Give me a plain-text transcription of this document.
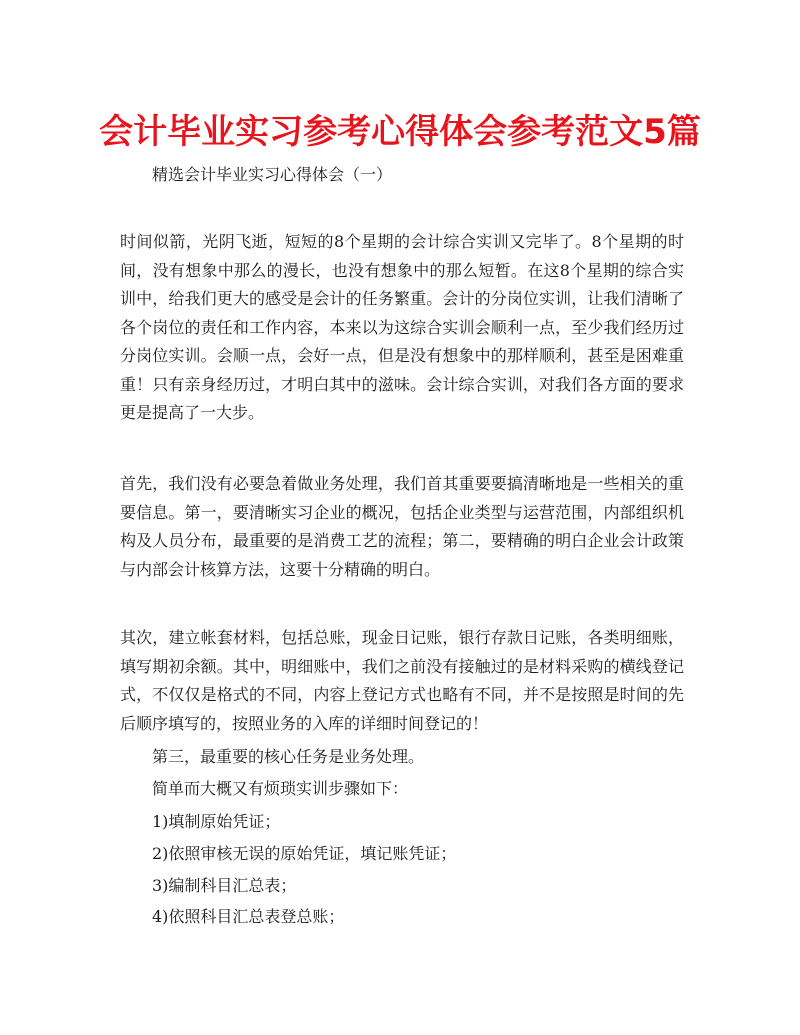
会计毕业实习参考心得体会参考范文5篇
精选会计毕业实习心得体会（一）

时间似箭，光阴飞逝，短短的8个星期的会计综合实训又完毕了。8个星期的时间，没有想象中那么的漫长，也没有想象中的那么短暂。在这8个星期的综合实训中，给我们更大的感受是会计的任务繁重。会计的分岗位实训，让我们清晰了各个岗位的责任和工作内容，本来以为这综合实训会顺利一点，至少我们经历过分岗位实训。会顺一点，会好一点，但是没有想象中的那样顺利，甚至是困难重重！只有亲身经历过，才明白其中的滋味。会计综合实训，对我们各方面的要求更是提高了一大步。

首先，我们没有必要急着做业务处理，我们首其重要要搞清晰地是一些相关的重要信息。第一，要清晰实习企业的概况，包括企业类型与运营范围，内部组织机构及人员分布，最重要的是消费工艺的流程；第二，要精确的明白企业会计政策与内部会计核算方法，这要十分精确的明白。

其次，建立帐套材料，包括总账，现金日记账，银行存款日记账，各类明细账，填写期初余额。其中，明细账中，我们之前没有接触过的是材料采购的横线登记式，不仅仅是格式的不同，内容上登记方式也略有不同，并不是按照是时间的先后顺序填写的，按照业务的入库的详细时间登记的！

第三，最重要的核心任务是业务处理。
简单而大概又有烦琐实训步骤如下：
1)填制原始凭证；
2)依照审核无误的原始凭证，填记账凭证；
3)编制科目汇总表；
4)依照科目汇总表登总账；
